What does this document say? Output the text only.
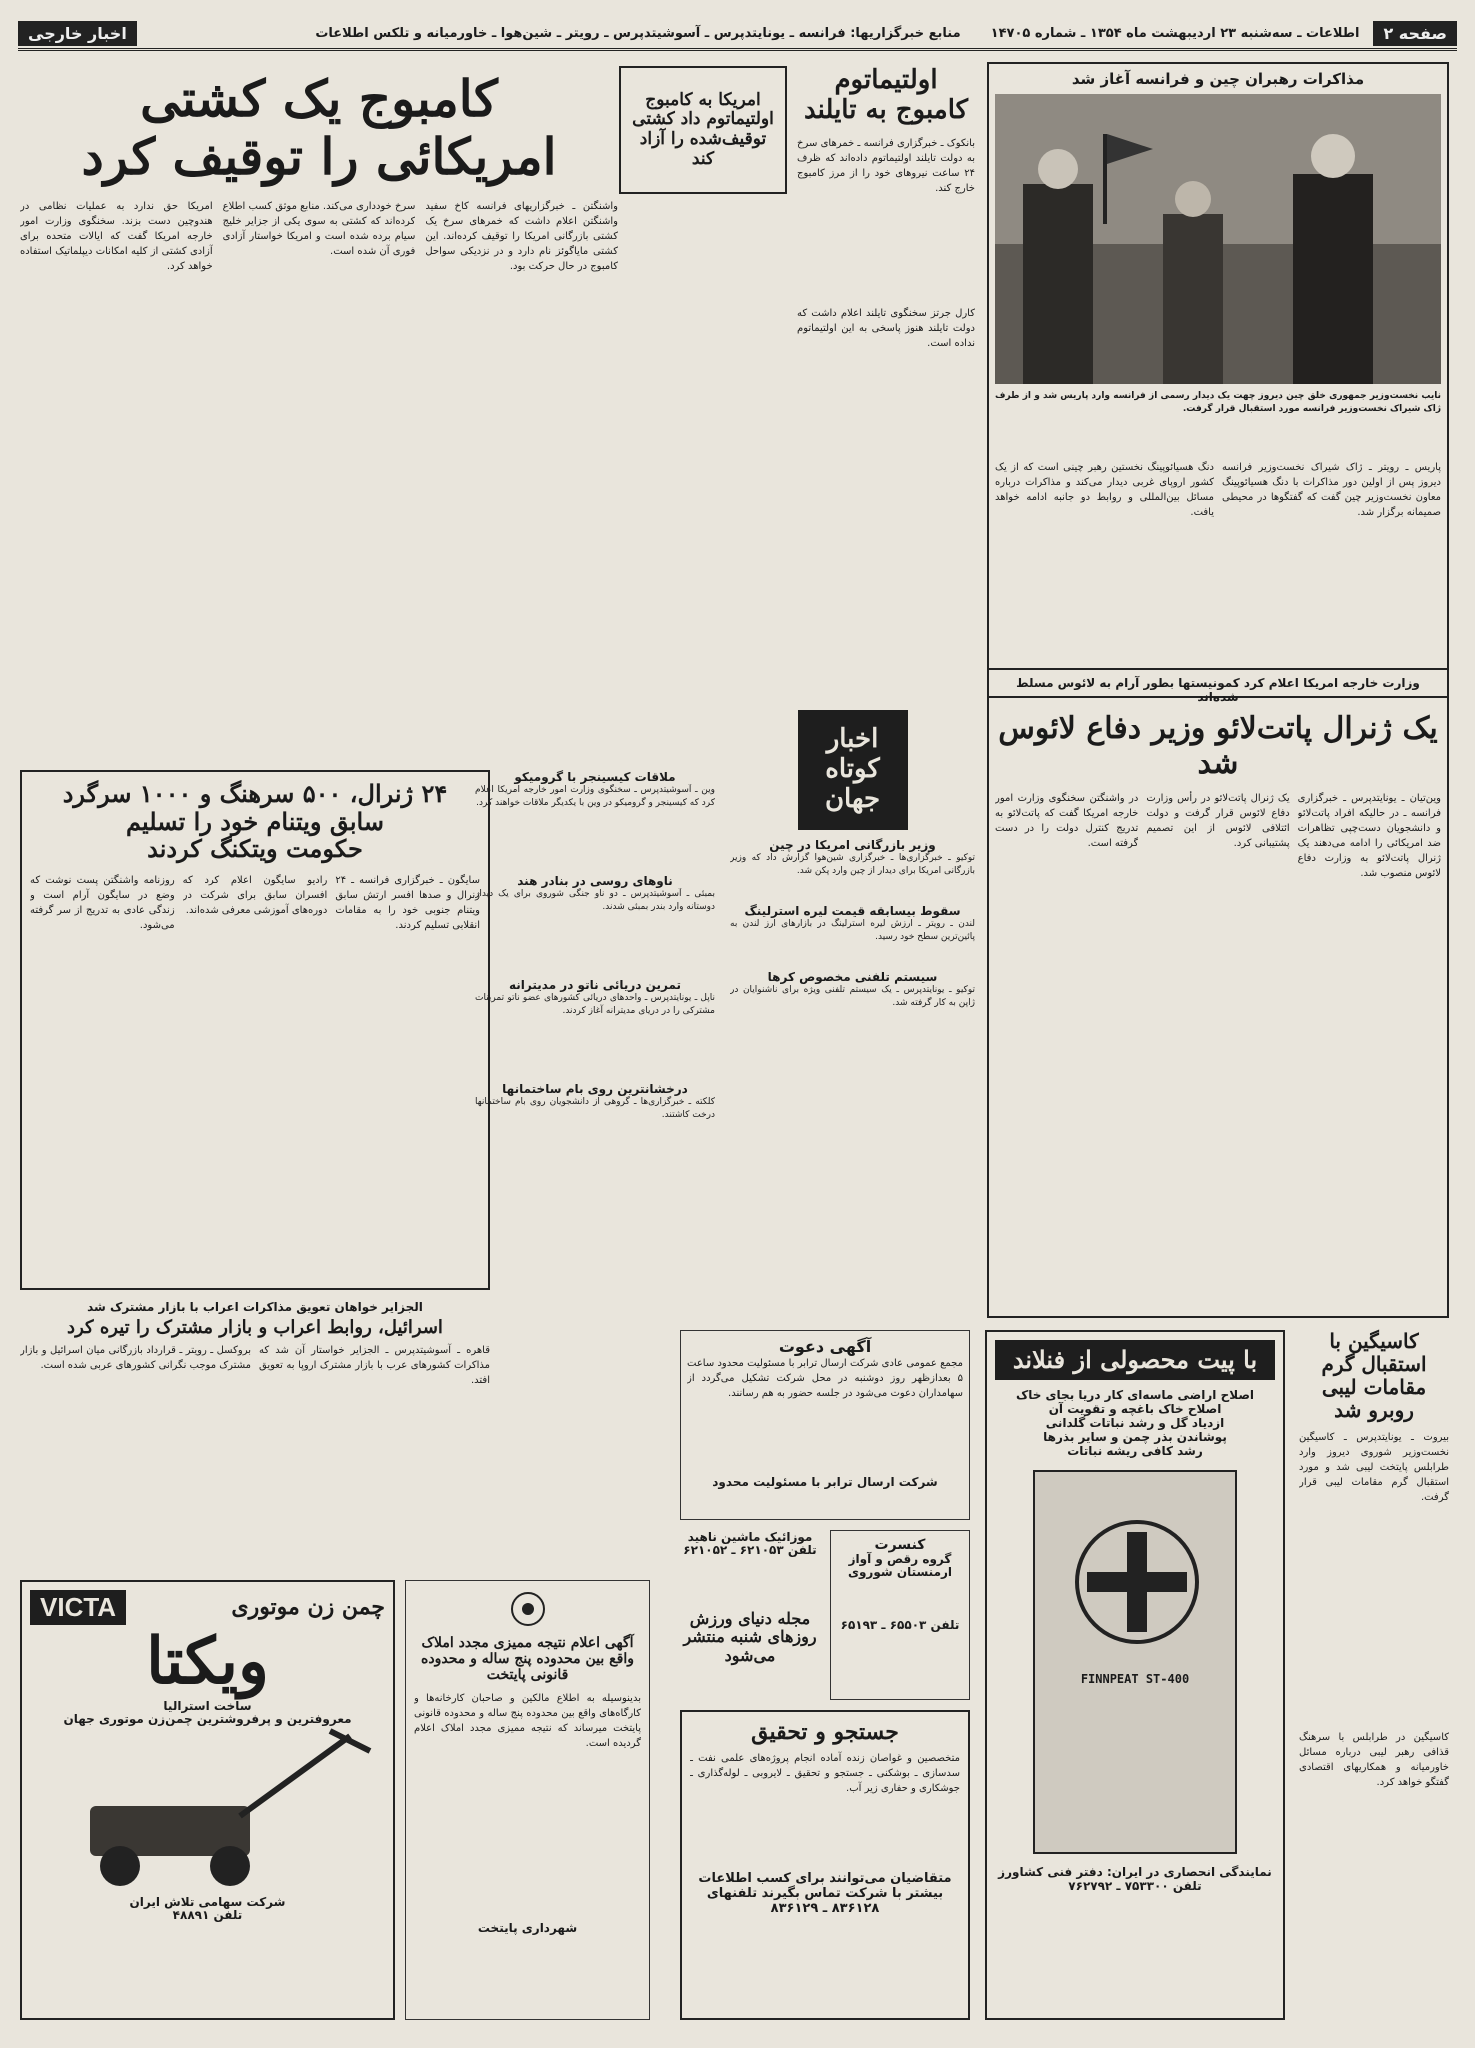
صفحه ۲
اطلاعات ـ سه‌شنبه ۲۳ اردیبهشت ماه ۱۳۵۴ ـ شماره ۱۴۷۰۵
منابع خبرگزاریها: فرانسه ـ یونایتدپرس ـ آسوشیتدپرس ـ رویتر ـ شین‌هوا ـ خاورمیانه و تلکس اطلاعات
اخبار خارجی
مذاکرات رهبران چین و فرانسه آغاز شد
نایب نخست‌وزیر جمهوری خلق چین دیروز چهت یک دیدار رسمی از فرانسه وارد پاریس شد و از طرف ژاک شیراک نخست‌وزیر فرانسه مورد استقبال قرار گرفت.
پاریس ـ رویتر ـ ژاک شیراک نخست‌وزیر فرانسه دیروز پس از اولین دور مذاکرات با دنگ هسیائوپینگ معاون نخست‌وزیر چین گفت که گفتگوها در محیطی صمیمانه برگزار شد.
دنگ هسیائوپینگ نخستین رهبر چینی است که از یک کشور اروپای غربی دیدار می‌کند و مذاکرات درباره مسائل بین‌المللی و روابط دو جانبه ادامه خواهد یافت.
اولتیماتوم کامبوج به تایلند
بانکوک ـ خبرگزاری فرانسه ـ خمرهای سرخ به دولت تایلند اولتیماتوم داده‌اند که ظرف ۲۴ ساعت نیروهای خود را از مرز کامبوج خارج کند.
کارل جرتز سخنگوی تایلند اعلام داشت که دولت تایلند هنوز پاسخی به این اولتیماتوم نداده است.
امریکا به کامبوج اولتیماتوم داد کشتی توقیف‌شده را آزاد کند
کامبوج یک کشتی
امریکائی را توقیف کرد
واشنگتن ـ خبرگزاریهای فرانسه کاخ سفید واشنگتن اعلام داشت که خمرهای سرخ یک کشتی بازرگانی امریکا را توقیف کرده‌اند. این کشتی مایاگوئز نام دارد و در نزدیکی سواحل کامبوج در حال حرکت بود.
سرخ خودداری می‌کند. منابع موثق کسب اطلاع کرده‌اند که کشتی به سوی یکی از جزایر خلیج سیام برده شده است و امریکا خواستار آزادی فوری آن شده است.
امریکا حق ندارد به عملیات نظامی در هندوچین دست بزند. سخنگوی وزارت امور خارجه امریکا گفت که ایالات متحده برای آزادی کشتی از کلیه امکانات دیپلماتیک استفاده خواهد کرد.
اخبار کوتاه جهان
وزیر بازرگانی امریکا در چین
توکیو ـ خبرگزاری‌ها ـ خبرگزاری شین‌هوا گزارش داد که وزیر بازرگانی امریکا برای دیدار از چین وارد پکن شد.
سقوط بیسابقه قیمت لیره استرلینگ
لندن ـ رویتر ـ ارزش لیره استرلینگ در بازارهای ارز لندن به پائین‌ترین سطح خود رسید.
سیستم تلفنی مخصوص کرها
توکیو ـ یونایتدپرس ـ یک سیستم تلفنی ویژه برای ناشنوایان در ژاپن به کار گرفته شد.
ملاقات کیسینجر با گرومیکو
وین ـ آسوشیتدپرس ـ سخنگوی وزارت امور خارجه امریکا اعلام کرد که کیسینجر و گرومیکو در وین با یکدیگر ملاقات خواهند کرد.
ناوهای روسی در بنادر هند
بمبئی ـ آسوشیتدپرس ـ دو ناو جنگی شوروی برای یک دیدار دوستانه وارد بندر بمبئی شدند.
تمرین دریائی ناتو در مدیترانه
ناپل ـ یونایتدپرس ـ واحدهای دریائی کشورهای عضو ناتو تمرینات مشترکی را در دریای مدیترانه آغاز کردند.
درخشانترین روی بام ساختمانها
کلکته ـ خبرگزاری‌ها ـ گروهی از دانشجویان روی بام ساختمانها درخت کاشتند.
وزارت خارجه امریکا اعلام کرد کمونیستها بطور آرام به لائوس مسلط شده‌اند
یک ژنرال پاتت‌لائو وزیر دفاع لائوس شد
وین‌تیان ـ یونایتدپرس ـ خبرگزاری فرانسه ـ در حالیکه افراد پاتت‌لائو و دانشجویان دست‌چپی تظاهرات ضد امریکائی را ادامه می‌دهند یک ژنرال پاتت‌لائو به وزارت دفاع لائوس منصوب شد.
یک ژنرال پاتت‌لائو در رأس وزارت دفاع لائوس قرار گرفت و دولت ائتلافی لائوس از این تصمیم پشتیبانی کرد.
در واشنگتن سخنگوی وزارت امور خارجه امریکا گفت که پاتت‌لائو به تدریج کنترل دولت را در دست گرفته است.
۲۴ ژنرال، ۵۰۰ سرهنگ و ۱۰۰۰ سرگرد
سابق ویتنام خود را تسلیم
حکومت ویتکنگ کردند
سایگون ـ خبرگزاری فرانسه ـ ۲۴ ژنرال و صدها افسر ارتش سابق ویتنام جنوبی خود را به مقامات انقلابی تسلیم کردند.
رادیو سایگون اعلام کرد که افسران سابق برای شرکت در دوره‌های آموزشی معرفی شده‌اند.
روزنامه واشنگتن پست نوشت که وضع در سایگون آرام است و زندگی عادی به تدریج از سر گرفته می‌شود.
الجزایر خواهان تعویق مذاکرات اعراب با بازار مشترک شد
اسرائیل، روابط اعراب و بازار مشترک را تیره کرد
قاهره ـ آسوشیتدپرس ـ الجزایر خواستار آن شد که مذاکرات کشورهای عرب با بازار مشترک اروپا به تعویق افتد.
بروکسل ـ رویتر ـ قرارداد بازرگانی میان اسرائیل و بازار مشترک موجب نگرانی کشورهای عربی شده است.
کاسیگین با استقبال گرم مقامات لیبی روبرو شد
بیروت ـ یونایتدپرس ـ کاسیگین نخست‌وزیر شوروی دیروز وارد طرابلس پایتخت لیبی شد و مورد استقبال گرم مقامات لیبی قرار گرفت.
کاسیگین در طرابلس با سرهنگ قذافی رهبر لیبی درباره مسائل خاورمیانه و همکاریهای اقتصادی گفتگو خواهد کرد.
با پیت محصولی از فنلاند
اصلاح اراضی ماسه‌ای کار دریا بجای خاک
اصلاح خاک باغچه و تقویت آن
ازدیاد گل و رشد نباتات گلدانی
پوشاندن بذر چمن و سایر بذرها
رشد کافی ریشه نباتات
FINNPEAT ST-400
نمایندگی انحصاری در ایران: دفتر فنی کشاورز
تلفن ۷۵۳۳۰۰ ـ ۷۶۲۷۹۲
آگهی دعوت
مجمع عمومی عادی شرکت ارسال ترابر با مسئولیت محدود ساعت ۵ بعدازظهر روز دوشنبه در محل شرکت تشکیل می‌گردد از سهامداران دعوت می‌شود در جلسه حضور به هم رسانند.
شرکت ارسال ترابر با مسئولیت محدود
کنسرت
گروه رقص و آواز ارمنستان شوروی
تلفن ۶۵۵۰۳ ـ ۶۵۱۹۳
موزائیک ماشین ناهید
تلفن ۶۲۱۰۵۳ ـ ۶۲۱۰۵۲
مجله دنیای ورزش روزهای شنبه منتشر می‌شود
جستجو و تحقیق
متخصصین و غواصان زنده آماده انجام پروژه‌های علمی نفت ـ سدسازی ـ بوشکنی ـ جستجو و تحقیق ـ لایروبی ـ لوله‌گذاری ـ جوشکاری و حفاری زیر آب.
متقاضیان می‌توانند برای کسب اطلاعات بیشتر با شرکت تماس بگیرند تلفنهای ۸۳۶۱۲۸ ـ ۸۳۶۱۲۹
آگهی اعلام نتیجه ممیزی مجدد املاک واقع بین محدوده پنج ساله و محدوده قانونی پایتخت
بدینوسیله به اطلاع مالکین و صاحبان کارخانه‌ها و کارگاه‌های واقع بین محدوده پنج ساله و محدوده قانونی پایتخت میرساند که نتیجه ممیزی مجدد املاک اعلام گردیده است.
شهرداری پایتخت
چمن زن موتوری
VICTA
ویکتا
ساخت استرالیا
معروفترین و پرفروشترین چمن‌زن موتوری جهان
شرکت سهامی تلاش ایران
تلفن ۴۸۸۹۱
